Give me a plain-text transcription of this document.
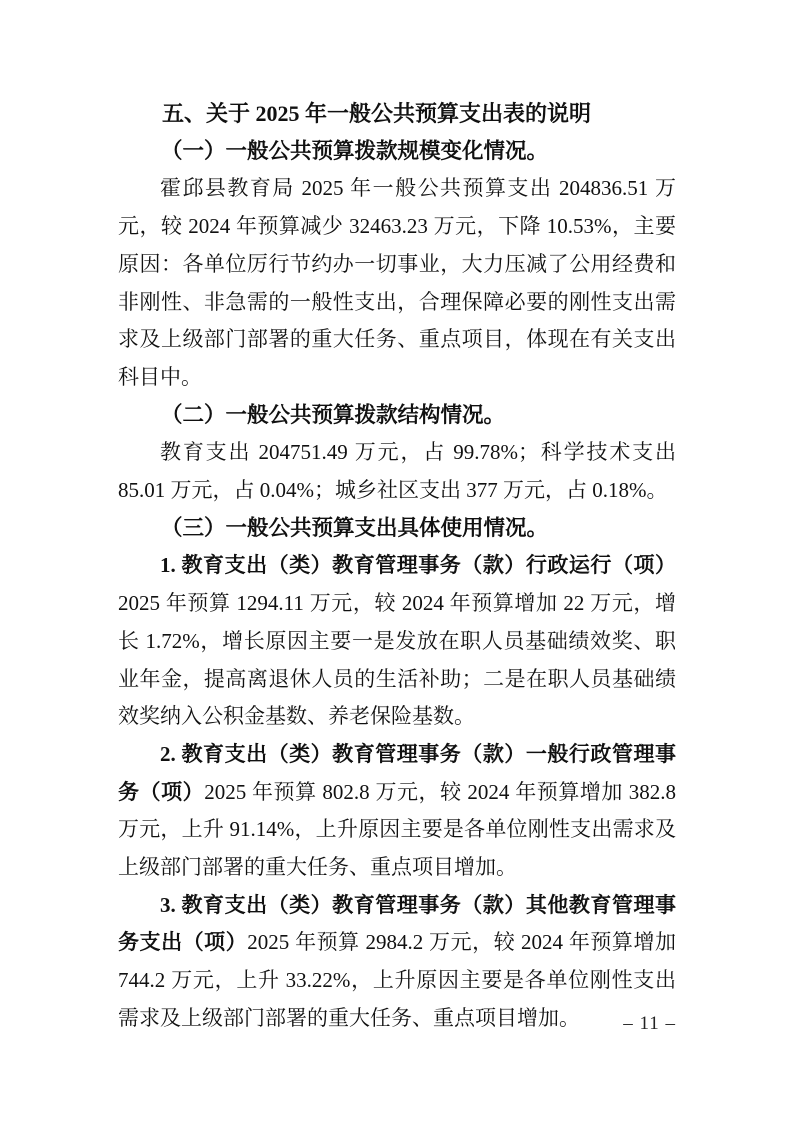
五、关于 2025 年一般公共预算支出表的说明
（一）一般公共预算拨款规模变化情况。

霍邱县教育局 2025 年一般公共预算支出 204836.51 万元，较 2024 年预算减少 32463.23 万元，下降 10.53%，主要原因：各单位厉行节约办一切事业，大力压减了公用经费和非刚性、非急需的一般性支出，合理保障必要的刚性支出需求及上级部门部署的重大任务、重点项目，体现在有关支出科目中。

（二）一般公共预算拨款结构情况。

教育支出 204751.49 万元，占 99.78%；科学技术支出 85.01 万元，占 0.04%；城乡社区支出 377 万元，占 0.18%。

（三）一般公共预算支出具体使用情况。

1. 教育支出（类）教育管理事务（款）行政运行（项）2025 年预算 1294.11 万元，较 2024 年预算增加 22 万元，增长 1.72%，增长原因主要一是发放在职人员基础绩效奖、职业年金，提高离退休人员的生活补助；二是在职人员基础绩效奖纳入公积金基数、养老保险基数。

2. 教育支出（类）教育管理事务（款）一般行政管理事务（项）2025 年预算 802.8 万元，较 2024 年预算增加 382.8 万元，上升 91.14%，上升原因主要是各单位刚性支出需求及上级部门部署的重大任务、重点项目增加。

3. 教育支出（类）教育管理事务（款）其他教育管理事务支出（项）2025 年预算 2984.2 万元，较 2024 年预算增加 744.2 万元，上升 33.22%，上升原因主要是各单位刚性支出需求及上级部门部署的重大任务、重点项目增加。	– 11 –
